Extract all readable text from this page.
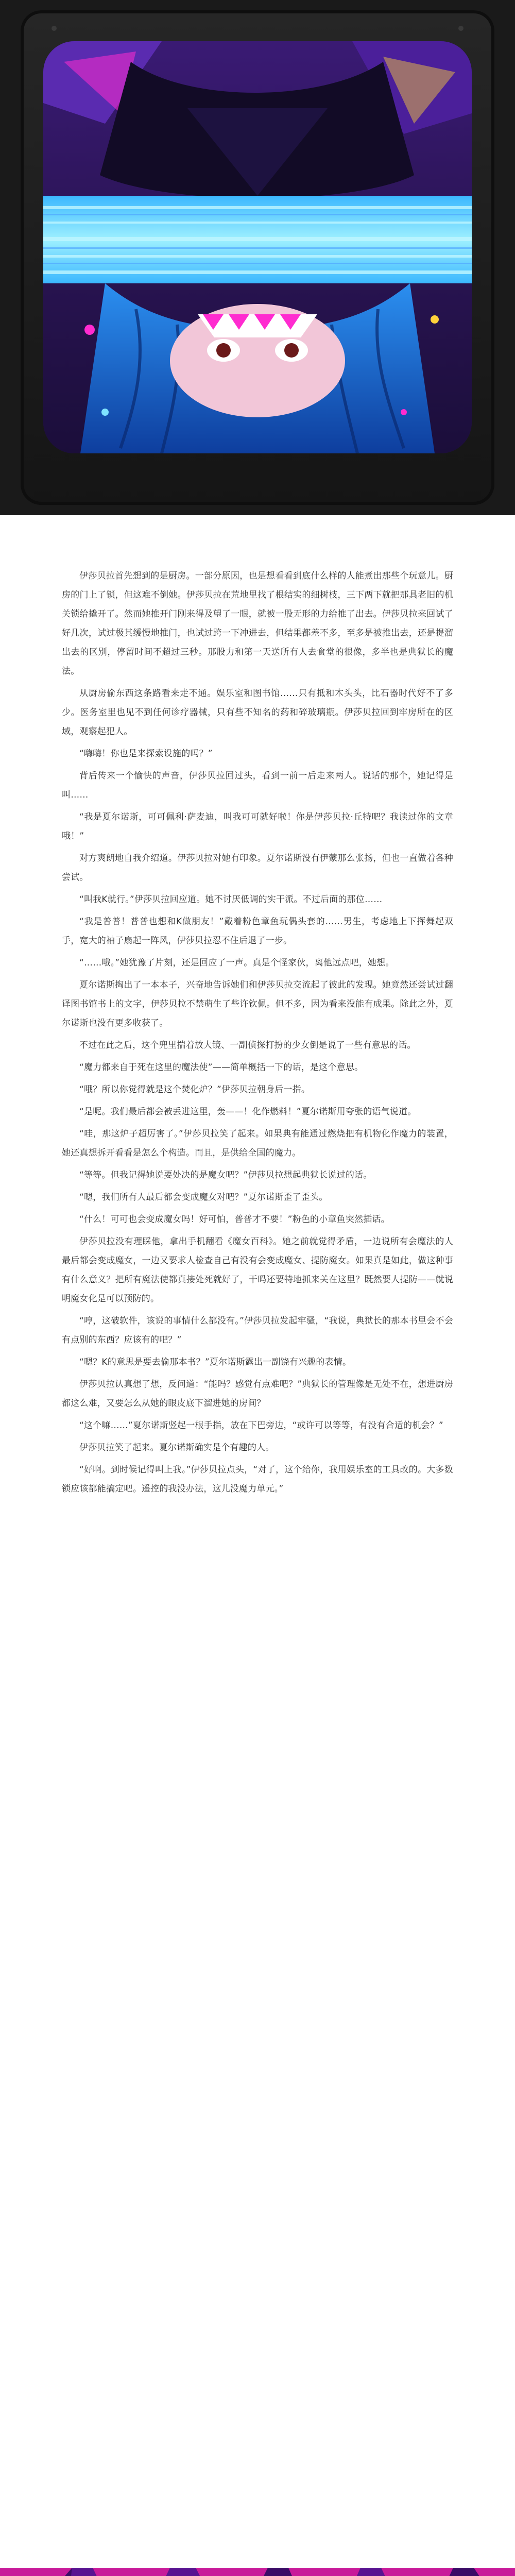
伊莎贝拉首先想到的是厨房。一部分原因，也是想看看到底什么样的人能煮出那些个玩意儿。厨房的门上了锁，但这难不倒她。伊莎贝拉在荒地里找了根结实的细树枝，三下两下就把那具老旧的机关锁给撬开了。然而她推开门刚来得及望了一眼，就被一股无形的力给推了出去。伊莎贝拉来回试了好几次，试过极其缓慢地推门，也试过跨一下冲进去，但结果都差不多，至多是被推出去，还是提溜出去的区别，停留时间不超过三秒。那股力和第一天送所有人去食堂的很像，多半也是典狱长的魔法。

从厨房偷东西这条路看来走不通。娱乐室和图书馆……只有抵和木头头，比石器时代好不了多少。医务室里也见不到任何诊疗器械，只有些不知名的药和碎玻璃瓶。伊莎贝拉回到牢房所在的区域，观察起犯人。

“嗨嗨！你也是来探索设施的吗？”

背后传来一个愉快的声音，伊莎贝拉回过头，看到一前一后走来两人。说话的那个，她记得是叫……

“我是夏尔诺斯，可可佩利·萨麦迪，叫我可可就好啦！你是伊莎贝拉·丘特吧？我读过你的文章哦！”

对方爽朗地自我介绍道。伊莎贝拉对她有印象。夏尔诺斯没有伊蒙那么张扬，但也一直做着各种尝试。

“叫我K就行。”伊莎贝拉回应道。她不讨厌低调的实干派。不过后面的那位……

“我是普普！普普也想和K做朋友！”戴着粉色章鱼玩偶头套的……男生，考虑地上下挥舞起双手，宽大的袖子扇起一阵风，伊莎贝拉忍不住后退了一步。

“……哦。”她犹豫了片刻，还是回应了一声。真是个怪家伙，离他远点吧，她想。

夏尔诺斯掏出了一本本子，兴奋地告诉她们和伊莎贝拉交流起了彼此的发现。她竟然还尝试过翻译图书馆书上的文字，伊莎贝拉不禁萌生了些许钦佩。但不多，因为看来没能有成果。除此之外，夏尔诺斯也没有更多收获了。

不过在此之后，这个兜里揣着放大镜、一副侦探打扮的少女倒是说了一些有意思的话。

“魔力都来自于死在这里的魔法使”——简单概括一下的话，是这个意思。

“哦？所以你觉得就是这个焚化炉？”伊莎贝拉朝身后一指。

“是呢。我们最后都会被丢进这里，轰——！化作燃料！”夏尔诺斯用夸张的语气说道。

“哇，那这炉子超厉害了。”伊莎贝拉笑了起来。如果典有能通过燃烧把有机物化作魔力的装置，她还真想拆开看看是怎么个构造。而且，是供给全国的魔力。

“等等。但我记得她说要处决的是魔女吧？”伊莎贝拉想起典狱长说过的话。

“嗯，我们所有人最后都会变成魔女对吧？”夏尔诺斯歪了歪头。

“什么！可可也会变成魔女吗！好可怕，普普才不要！”粉色的小章鱼突然插话。

伊莎贝拉没有理睬他，拿出手机翻看《魔女百科》。她之前就觉得矛盾，一边说所有会魔法的人最后都会变成魔女，一边又要求人检查自己有没有会变成魔女、提防魔女。如果真是如此，做这种事有什么意义？把所有魔法使都真接处死就好了，干吗还要特地抓来关在这里？既然要人提防——就说明魔女化是可以预防的。

“哼，这破软件，该说的事情什么都没有。”伊莎贝拉发起牢骚，“我说，典狱长的那本书里会不会有点别的东西？应该有的吧？”

“嗯？K的意思是要去偷那本书？”夏尔诺斯露出一副饶有兴趣的表情。

伊莎贝拉认真想了想，反问道：“能吗？感觉有点难吧？”典狱长的管理像是无处不在，想进厨房都这么难，又要怎么从她的眼皮底下溜进她的房间？

“这个嘛……”夏尔诺斯竖起一根手指，放在下巴旁边，“或许可以等等，有没有合适的机会？”

伊莎贝拉笑了起来。夏尔诺斯确实是个有趣的人。

“好啊。到时候记得叫上我。”伊莎贝拉点头，“对了，这个给你，我用娱乐室的工具改的。大多数锁应该都能搞定吧。遥控的我没办法，这儿没魔力单元。”
